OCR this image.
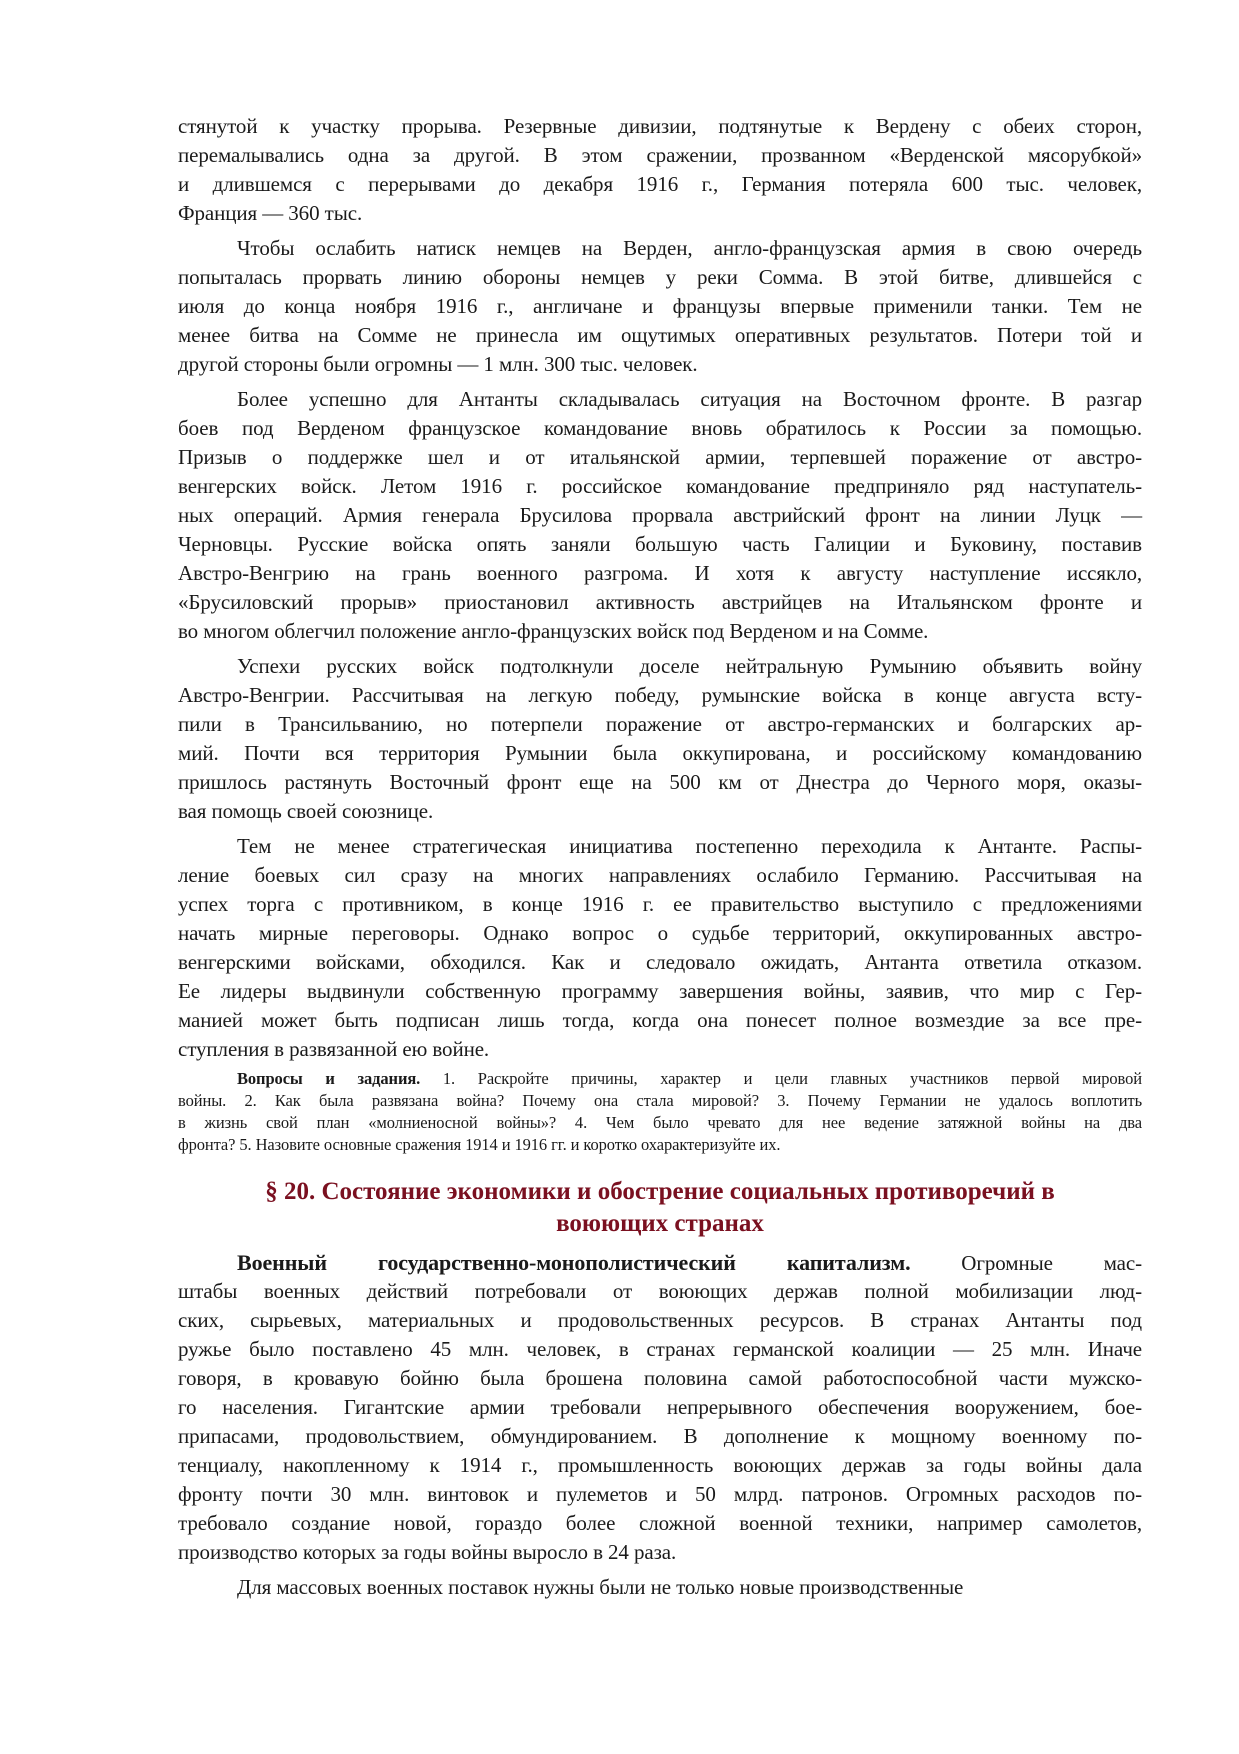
стянутой к участку прорыва. Резервные дивизии, подтянутые к Вердену с обеих сторон,
перемалывались одна за другой. В этом сражении, прозванном «Верденской мясорубкой»
и длившемся с перерывами до декабря 1916 г., Германия потеряла 600 тыс. человек,
Франция — 360 тыс.
Чтобы ослабить натиск немцев на Верден, англо-французская армия в свою очередь
попыталась прорвать линию обороны немцев у реки Сомма. В этой битве, длившейся с
июля до конца ноября 1916 г., англичане и французы впервые применили танки. Тем не
менее битва на Сомме не принесла им ощутимых оперативных результатов. Потери той и
другой стороны были огромны — 1 млн. 300 тыс. человек.
Более успешно для Антанты складывалась ситуация на Восточном фронте. В разгар
боев под Верденом французское командование вновь обратилось к России за помощью.
Призыв о поддержке шел и от итальянской армии, терпевшей поражение от австро-
венгерских войск. Летом 1916 г. российское командование предприняло ряд наступатель-
ных операций. Армия генерала Брусилова прорвала австрийский фронт на линии Луцк —
Черновцы. Русские войска опять заняли большую часть Галиции и Буковину, поставив
Австро-Венгрию на грань военного разгрома. И хотя к августу наступление иссякло,
«Брусиловский прорыв» приостановил активность австрийцев на Итальянском фронте и
во многом облегчил положение англо-французских войск под Верденом и на Сомме.
Успехи русских войск подтолкнули доселе нейтральную Румынию объявить войну
Австро-Венгрии. Рассчитывая на легкую победу, румынские войска в конце августа всту-
пили в Трансильванию, но потерпели поражение от австро-германских и болгарских ар-
мий. Почти вся территория Румынии была оккупирована, и российскому командованию
пришлось растянуть Восточный фронт еще на 500 км от Днестра до Черного моря, оказы-
вая помощь своей союзнице.
Тем не менее стратегическая инициатива постепенно переходила к Антанте. Распы-
ление боевых сил сразу на многих направлениях ослабило Германию. Рассчитывая на
успех торга с противником, в конце 1916 г. ее правительство выступило с предложениями
начать мирные переговоры. Однако вопрос о судьбе территорий, оккупированных австро-
венгерскими войсками, обходился. Как и следовало ожидать, Антанта ответила отказом.
Ее лидеры выдвинули собственную программу завершения войны, заявив, что мир с Гер-
манией может быть подписан лишь тогда, когда она понесет полное возмездие за все пре-
ступления в развязанной ею войне.
Вопросы и задания. 1. Раскройте причины, характер и цели главных участников первой мировой
войны. 2. Как была развязана война? Почему она стала мировой? 3. Почему Германии не удалось воплотить
в жизнь свой план «молниеносной войны»? 4. Чем было чревато для нее ведение затяжной войны на два
фронта? 5. Назовите основные сражения 1914 и 1916 гг. и коротко охарактеризуйте их.
§ 20. Состояние экономики и обострение социальных противоречий в
воюющих странах
Военный государственно-монополистический капитализм. Огромные мас-
штабы военных действий потребовали от воюющих держав полной мобилизации люд-
ских, сырьевых, материальных и продовольственных ресурсов. В странах Антанты под
ружье было поставлено 45 млн. человек, в странах германской коалиции — 25 млн. Иначе
говоря, в кровавую бойню была брошена половина самой работоспособной части мужско-
го населения. Гигантские армии требовали непрерывного обеспечения вооружением, бое-
припасами, продовольствием, обмундированием. В дополнение к мощному военному по-
тенциалу, накопленному к 1914 г., промышленность воюющих держав за годы войны дала
фронту почти 30 млн. винтовок и пулеметов и 50 млрд. патронов. Огромных расходов по-
требовало создание новой, гораздо более сложной военной техники, например самолетов,
производство которых за годы войны выросло в 24 раза.
Для массовых военных поставок нужны были не только новые производственные
